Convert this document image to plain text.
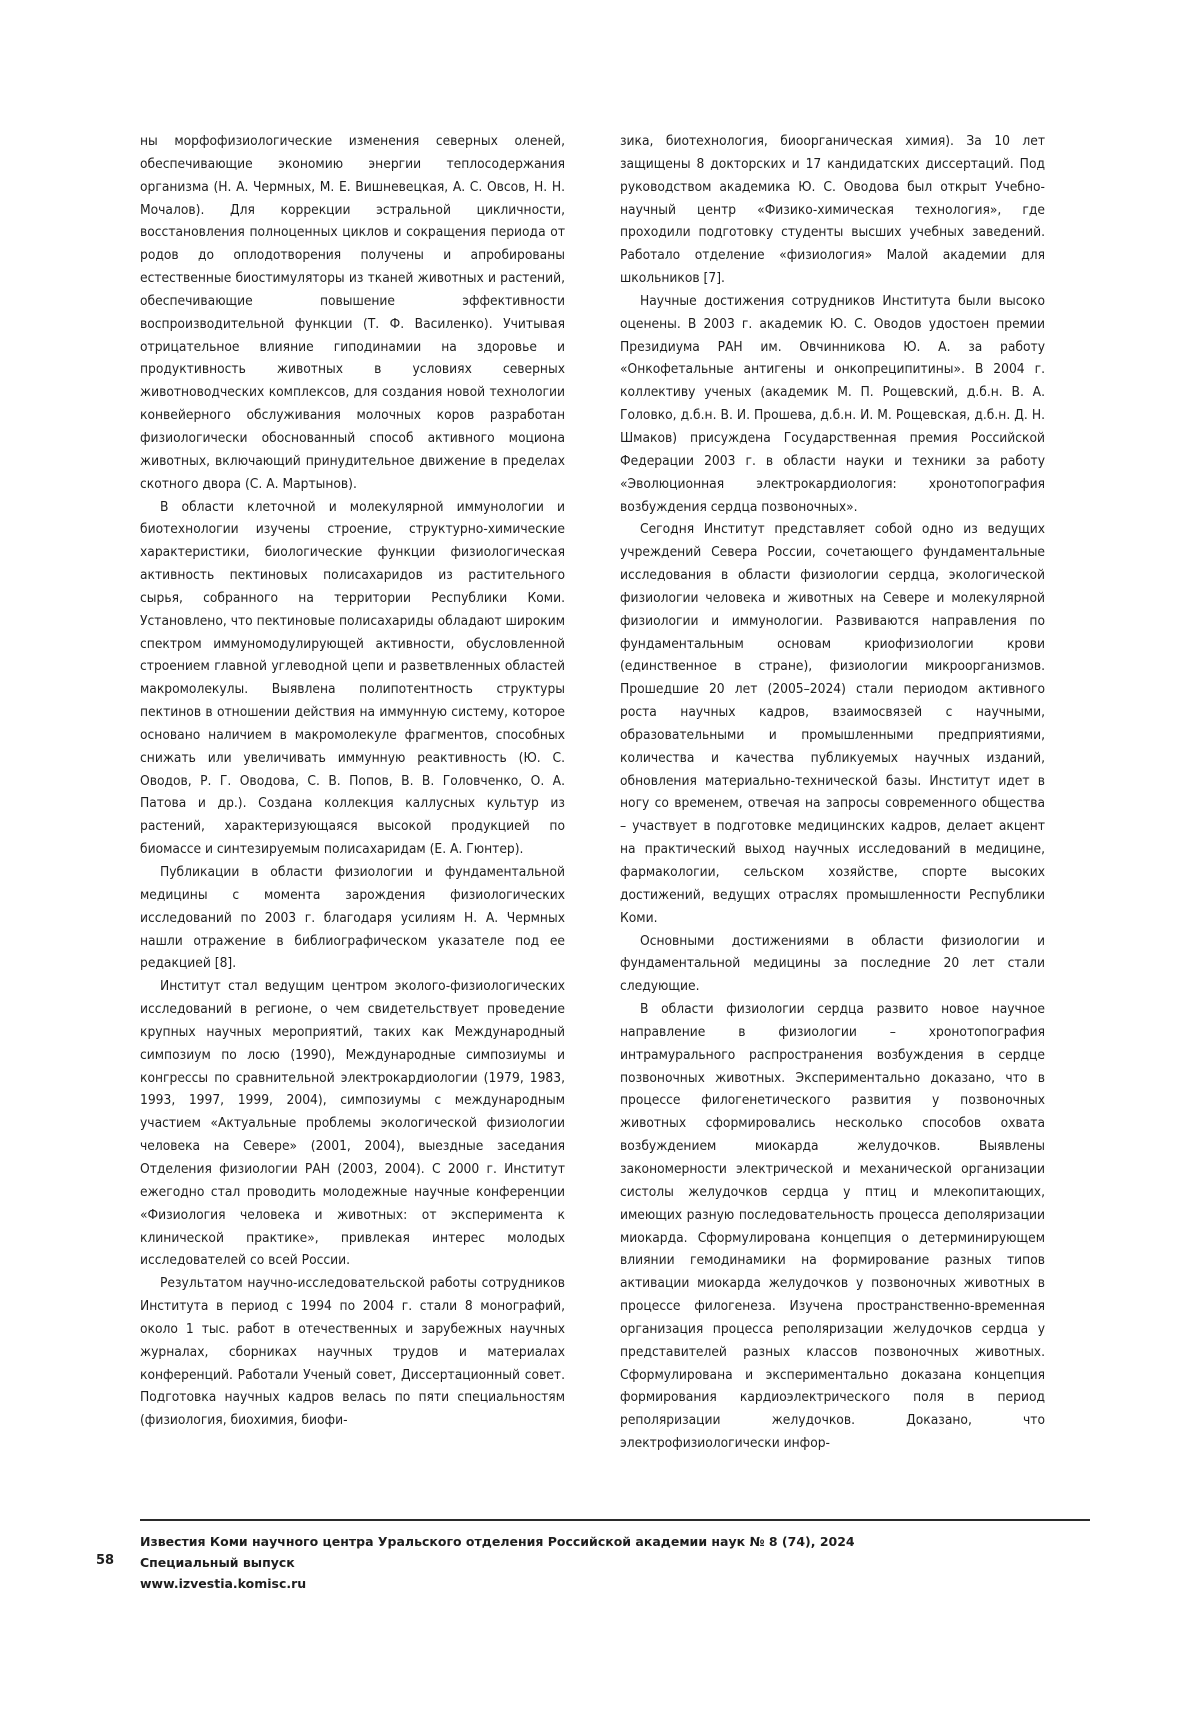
ны морфофизиологические изменения северных оленей, обеспечивающие экономию энергии теплосодержания организма (Н. А. Чермных, М. Е. Вишневецкая, А. С. Овсов, Н. Н. Мочалов). Для коррекции эстральной цикличности, восстановления полноценных циклов и сокращения периода от родов до оплодотворения получены и апробированы естественные биостимуляторы из тканей животных и растений, обеспечивающие повышение эффективности воспроизводительной функции (Т. Ф. Василенко). Учитывая отрицательное влияние гиподинамии на здоровье и продуктивность животных в условиях северных животноводческих комплексов, для создания новой технологии конвейерного обслуживания молочных коров разработан физиологически обоснованный способ активного моциона животных, включающий принудительное движение в пределах скотного двора (С. А. Мартынов).

В области клеточной и молекулярной иммунологии и биотехнологии изучены строение, структурно-химические характеристики, биологические функции физиологическая активность пектиновых полисахаридов из растительного сырья, собранного на территории Республики Коми. Установлено, что пектиновые полисахариды обладают широким спектром иммуномодулирующей активности, обусловленной строением главной углеводной цепи и разветвленных областей макромолекулы. Выявлена полипотентность структуры пектинов в отношении действия на иммунную систему, которое основано наличием в макромолекуле фрагментов, способных снижать или увеличивать иммунную реактивность (Ю. С. Оводов, Р. Г. Оводова, С. В. Попов, В. В. Головченко, О. А. Патова и др.). Создана коллекция каллусных культур из растений, характеризующаяся высокой продукцией по биомассе и синтезируемым полисахаридам (Е. А. Гюнтер).

Публикации в области физиологии и фундаментальной медицины с момента зарождения физиологических исследований по 2003 г. благодаря усилиям Н. А. Чермных нашли отражение в библиографическом указателе под ее редакцией [8].

Институт стал ведущим центром эколого-физиологических исследований в регионе, о чем свидетельствует проведение крупных научных мероприятий, таких как Международный симпозиум по лосю (1990), Международные симпозиумы и конгрессы по сравнительной электрокардиологии (1979, 1983, 1993, 1997, 1999, 2004), симпозиумы с международным участием «Актуальные проблемы экологической физиологии человека на Севере» (2001, 2004), выездные заседания Отделения физиологии РАН (2003, 2004). С 2000 г. Институт ежегодно стал проводить молодежные научные конференции «Физиология человека и животных: от эксперимента к клинической практике», привлекая интерес молодых исследователей со всей России.

Результатом научно-исследовательской работы сотрудников Института в период с 1994 по 2004 г. стали 8 монографий, около 1 тыс. работ в отечественных и зарубежных научных журналах, сборниках научных трудов и материалах конференций. Работали Ученый совет, Диссертационный совет. Подготовка научных кадров велась по пяти специальностям (физиология, биохимия, биофи-

зика, биотехнология, биоорганическая химия). За 10 лет защищены 8 докторских и 17 кандидатских диссертаций. Под руководством академика Ю. С. Оводова был открыт Учебно-научный центр «Физико-химическая технология», где проходили подготовку студенты высших учебных заведений. Работало отделение «физиология» Малой академии для школьников [7].

Научные достижения сотрудников Института были высоко оценены. В 2003 г. академик Ю. С. Оводов удостоен премии Президиума РАН им. Овчинникова Ю. А. за работу «Онкофетальные антигены и онкопреципитины». В 2004 г. коллективу ученых (академик М. П. Рощевский, д.б.н. В. А. Головко, д.б.н. В. И. Прошева, д.б.н. И. М. Рощевская, д.б.н. Д. Н. Шмаков) присуждена Государственная премия Российской Федерации 2003 г. в области науки и техники за работу «Эволюционная электрокардиология: хронотопография возбуждения сердца позвоночных».

Сегодня Институт представляет собой одно из ведущих учреждений Севера России, сочетающего фундаментальные исследования в области физиологии сердца, экологической физиологии человека и животных на Севере и молекулярной физиологии и иммунологии. Развиваются направления по фундаментальным основам криофизиологии крови (единственное в стране), физиологии микроорганизмов. Прошедшие 20 лет (2005–2024) стали периодом активного роста научных кадров, взаимосвязей с научными, образовательными и промышленными предприятиями, количества и качества публикуемых научных изданий, обновления материально-технической базы. Институт идет в ногу со временем, отвечая на запросы современного общества – участвует в подготовке медицинских кадров, делает акцент на практический выход научных исследований в медицине, фармакологии, сельском хозяйстве, спорте высоких достижений, ведущих отраслях промышленности Республики Коми.

Основными достижениями в области физиологии и фундаментальной медицины за последние 20 лет стали следующие.

В области физиологии сердца развито новое научное направление в физиологии – хронотопография интрамурального распространения возбуждения в сердце позвоночных животных. Экспериментально доказано, что в процессе филогенетического развития у позвоночных животных сформировались несколько способов охвата возбуждением миокарда желудочков. Выявлены закономерности электрической и механической организации систолы желудочков сердца у птиц и млекопитающих, имеющих разную последовательность процесса деполяризации миокарда. Сформулирована концепция о детерминирующем влиянии гемодинамики на формирование разных типов активации миокарда желудочков у позвоночных животных в процессе филогенеза. Изучена пространственно-временная организация процесса реполяризации желудочков сердца у представителей разных классов позвоночных животных. Сформулирована и экспериментально доказана концепция формирования кардиоэлектрического поля в период реполяризации желудочков. Доказано, что электрофизиологически инфор-

58
Известия Коми научного центра Уральского отделения Российской академии наук № 8 (74), 2024
Специальный выпуск
www.izvestia.komisc.ru
